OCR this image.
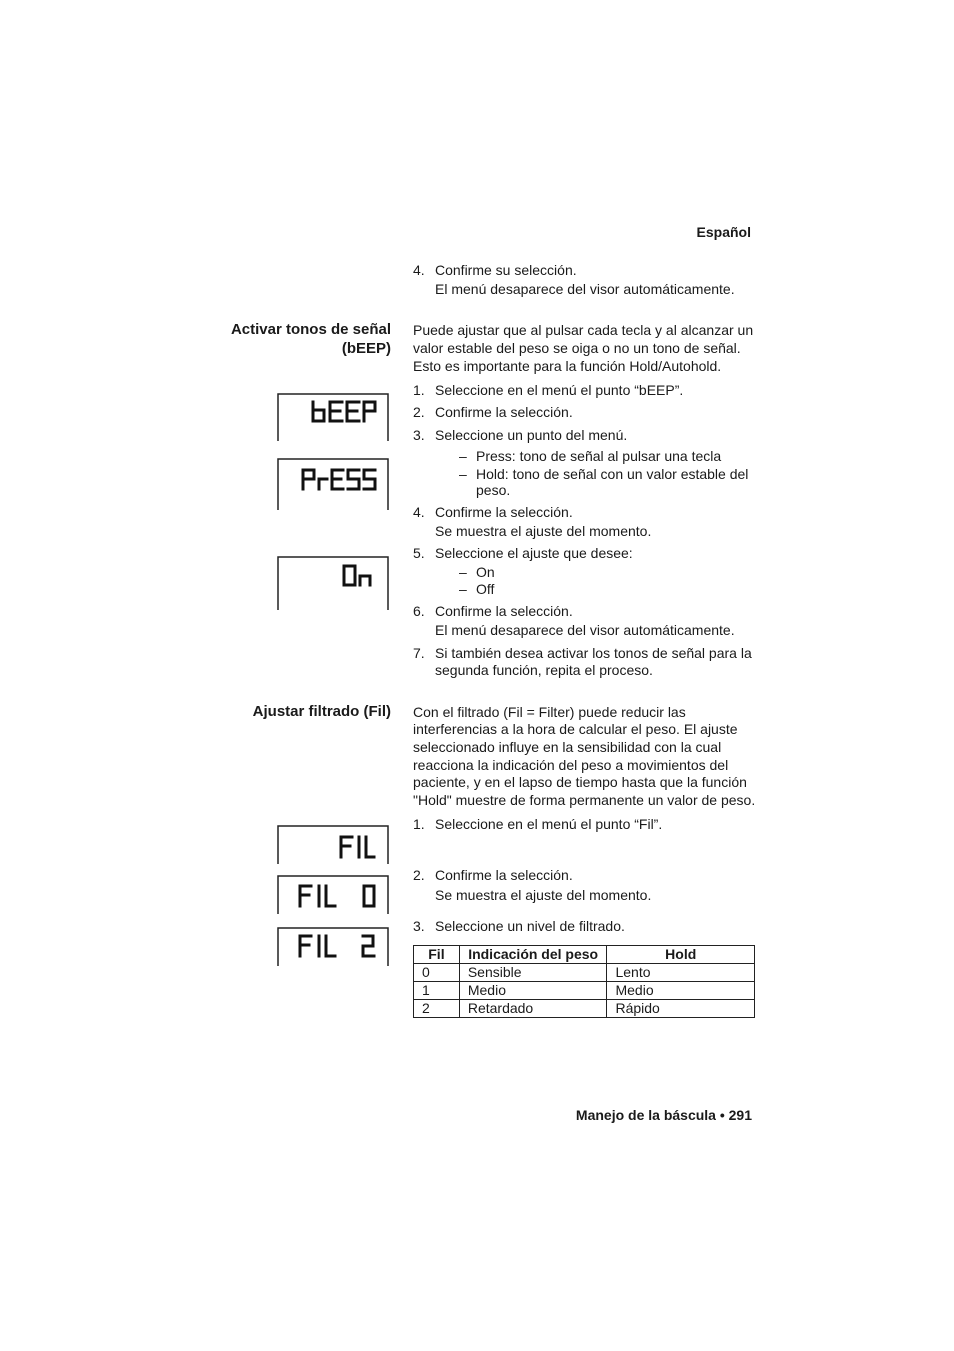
Español
4. Confirme su selección.
El menú desaparece del visor automáticamente.
Activar tonos de señal
(bEEP)
Puede ajustar que al pulsar cada tecla y al alcanzar un
valor estable del peso se oiga o no un tono de señal.
Esto es importante para la función Hold/Autohold.
1. Seleccione en el menú el punto “bEEP”.
2. Confirme la selección.
3. Seleccione un punto del menú.
– Press: tono de señal al pulsar una tecla
– Hold: tono de señal con un valor estable del
peso.
4. Confirme la selección.
Se muestra el ajuste del momento.
5. Seleccione el ajuste que desee:
– On
– Off
6. Confirme la selección.
El menú desaparece del visor automáticamente.
7. Si también desea activar los tonos de señal para la
segunda función, repita el proceso.
Ajustar filtrado (Fil) Con el filtrado (Fil = Filter) puede reducir las
interferencias a la hora de calcular el peso. El ajuste
seleccionado influye en la sensibilidad con la cual
reacciona la indicación del peso a movimientos del
paciente, y en el lapso de tiempo hasta que la función
"Hold" muestre de forma permanente un valor de peso.
1. Seleccione en el menú el punto “Fil”.
2. Confirme la selección.
Se muestra el ajuste del momento.
3. Seleccione un nivel de filtrado.
Fil	Indicación del peso	Hold
0	Sensible	Lento
1	Medio	Medio
2	Retardado	Rápido
Manejo de la báscula • 291
